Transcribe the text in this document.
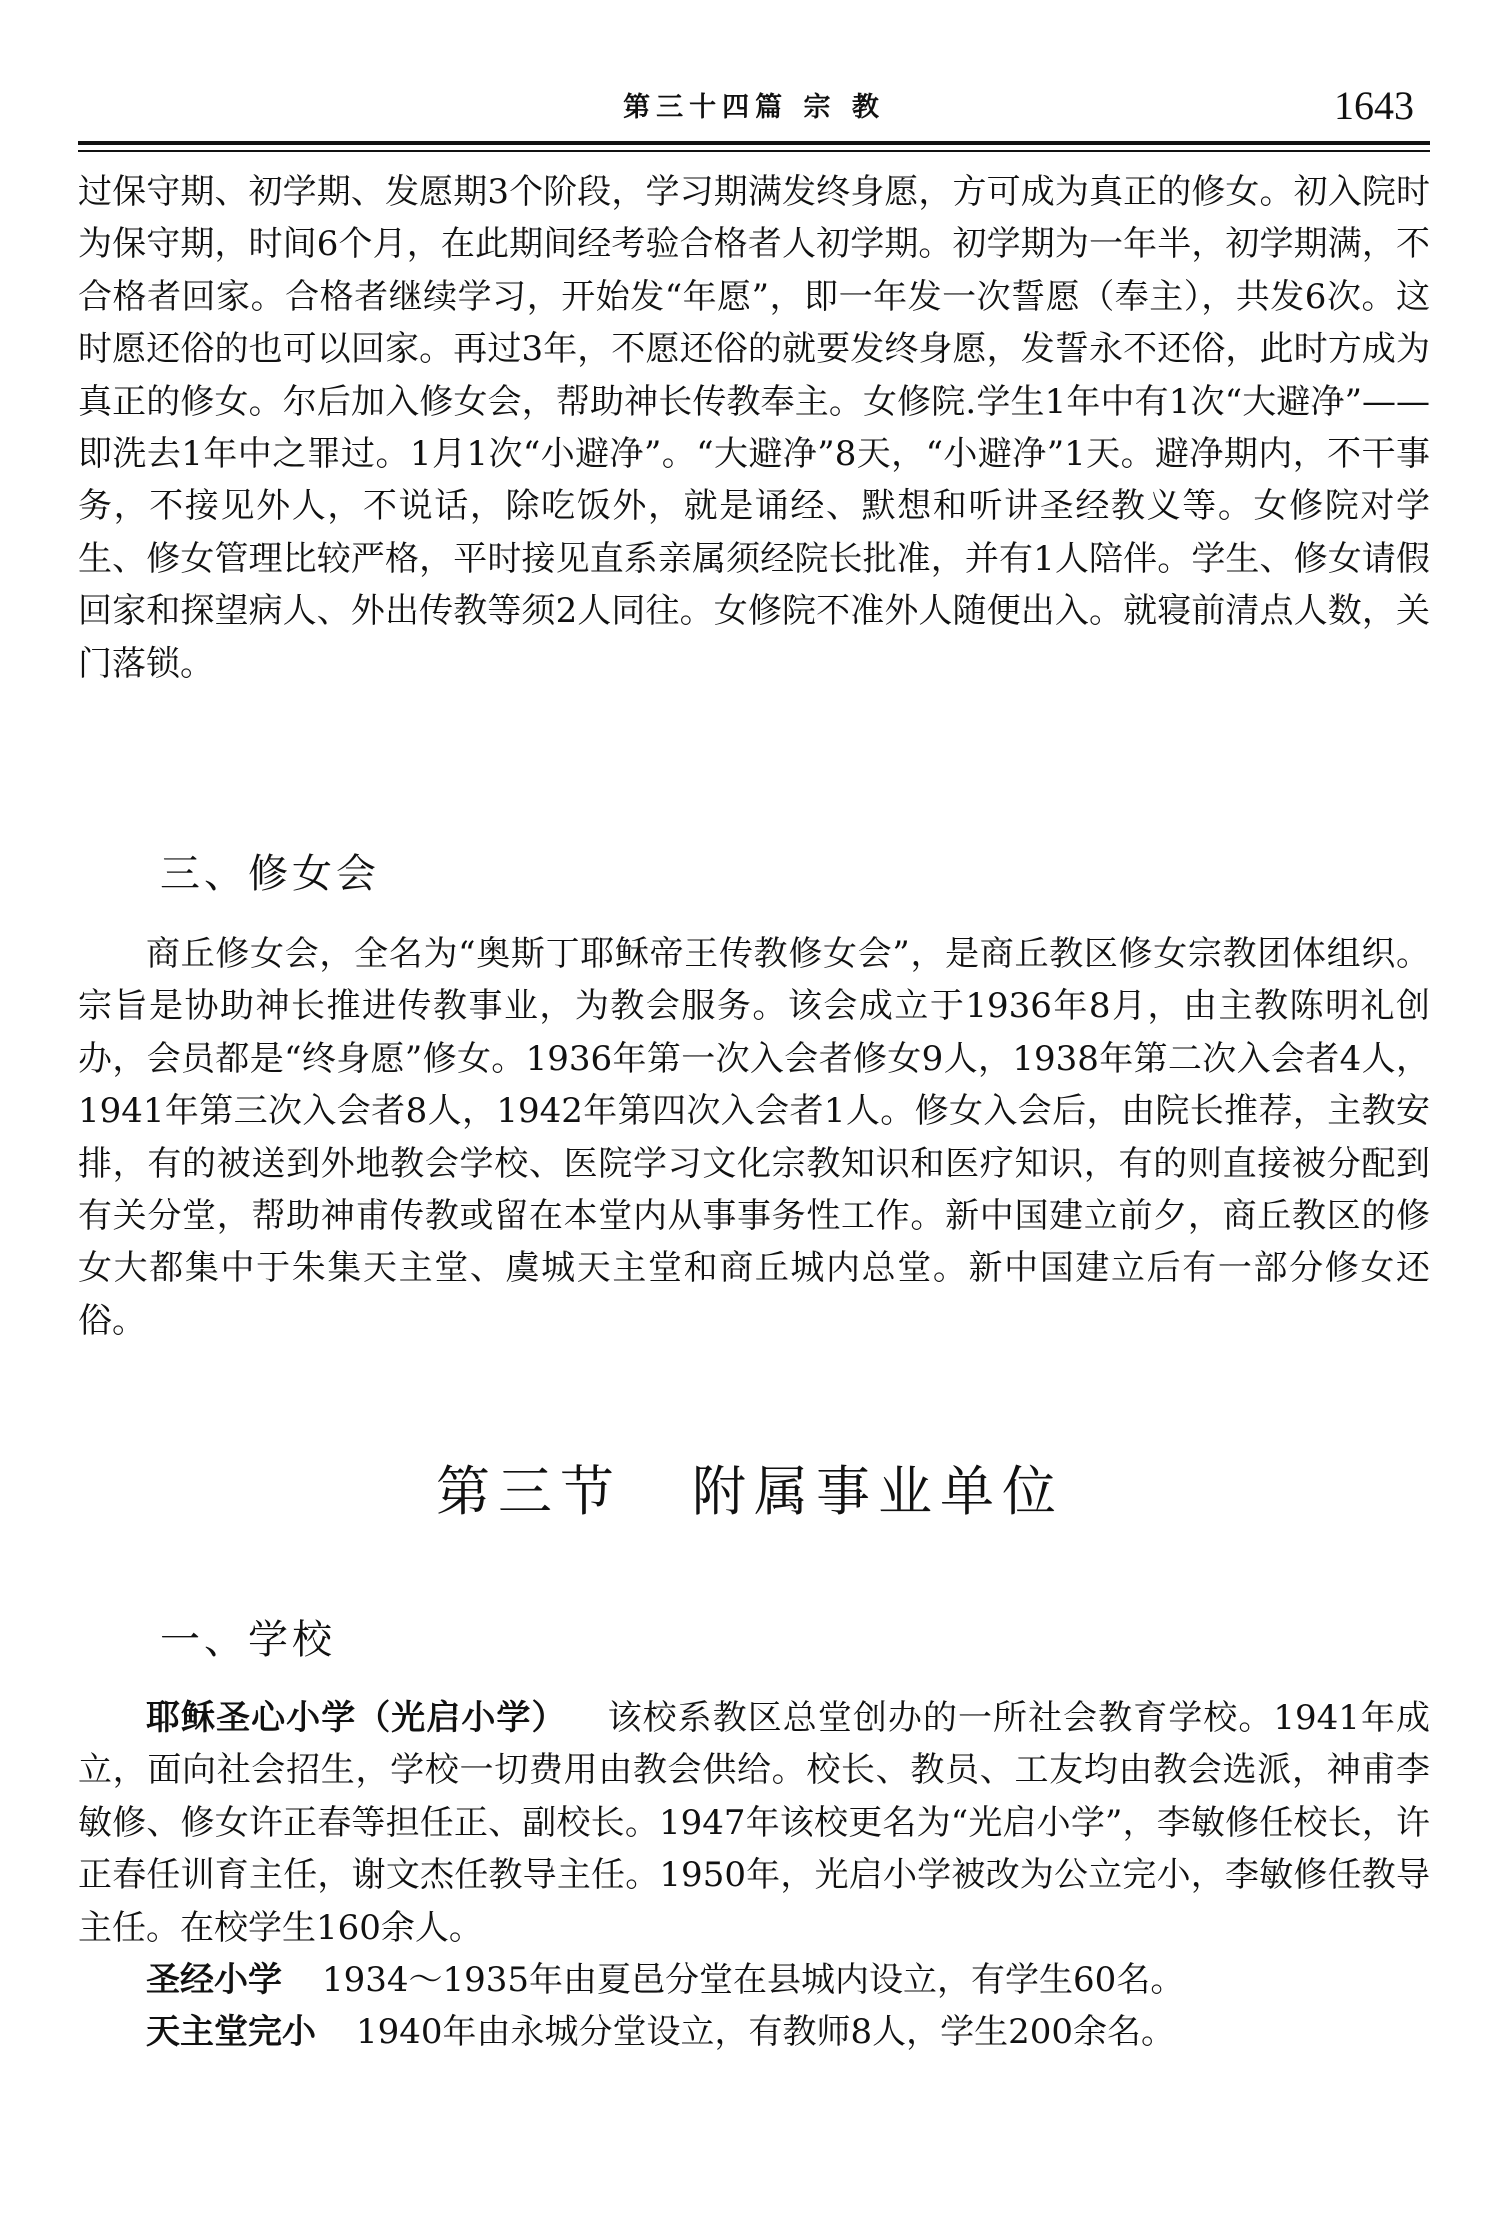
第三十四篇 宗 教	1643

过保守期、初学期、发愿期3个阶段，学习期满发终身愿，方可成为真正的修女。初入院时为保守期，时间6个月，在此期间经考验合格者人初学期。初学期为一年半，初学期满，不合格者回家。合格者继续学习，开始发“年愿”，即一年发一次誓愿（奉主），共发6次。这时愿还俗的也可以回家。再过3年，不愿还俗的就要发终身愿，发誓永不还俗，此时方成为真正的修女。尔后加入修女会，帮助神长传教奉主。女修院.学生1年中有1次“大避净”——即洗去1年中之罪过。1月1次“小避净”。“大避净”8天，“小避净”1天。避净期内，不干事务，不接见外人，不说话，除吃饭外，就是诵经、默想和听讲圣经教义等。女修院对学生、修女管理比较严格，平时接见直系亲属须经院长批准，并有1人陪伴。学生、修女请假回家和探望病人、外出传教等须2人同往。女修院不准外人随便出入。就寝前清点人数，关门落锁。

三、修女会

商丘修女会，全名为“奥斯丁耶稣帝王传教修女会”，是商丘教区修女宗教团体组织。宗旨是协助神长推进传教事业，为教会服务。该会成立于1936年8月，由主教陈明礼创办，会员都是“终身愿”修女。1936年第一次入会者修女9人，1938年第二次入会者4人，1941年第三次入会者8人，1942年第四次入会者1人。修女入会后，由院长推荐，主教安排，有的被送到外地教会学校、医院学习文化宗教知识和医疗知识，有的则直接被分配到有关分堂，帮助神甫传教或留在本堂内从事事务性工作。新中国建立前夕，商丘教区的修女大都集中于朱集天主堂、虞城天主堂和商丘城内总堂。新中国建立后有一部分修女还俗。

第三节 附属事业单位
一、学校

耶稣圣心小学（光启小学） 该校系教区总堂创办的一所社会教育学校。1941年成立，面向社会招生，学校一切费用由教会供给。校长、教员、工友均由教会选派，神甫李敏修、修女许正春等担任正、副校长。1947年该校更名为“光启小学”，李敏修任校长，许正春任训育主任，谢文杰任教导主任。1950年，光启小学被改为公立完小，李敏修任教导主任。在校学生160余人。

圣经小学 1934～1935年由夏邑分堂在县城内设立，有学生60名。

天主堂完小 1940年由永城分堂设立，有教师8人，学生200余名。
